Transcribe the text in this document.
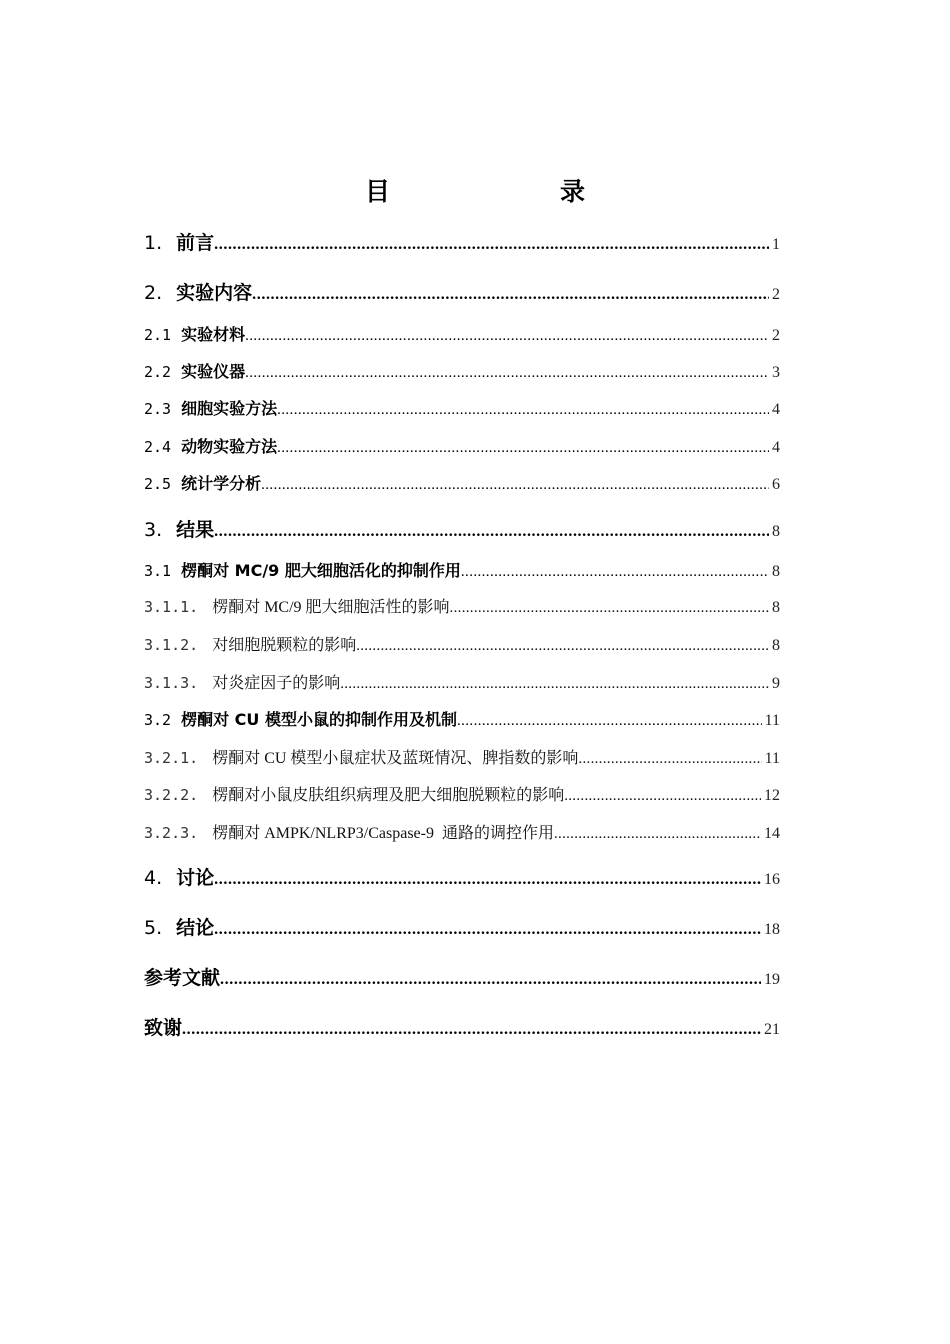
目　　录
1. 前言 .....	1
2. 实验内容 .....	2
2.1 实验材料 .....	2
2.2 实验仪器 .....	3
2.3 细胞实验方法 .....	4
2.4 动物实验方法 .....	4
2.5 统计学分析 .....	6
3. 结果 .....	8
3.1 楞酮对 MC/9 肥大细胞活化的抑制作用 .....	8
3.1.1. 楞酮对 MC/9 肥大细胞活性的影响 .....	8
3.1.2. 对细胞脱颗粒的影响 .....	8
3.1.3. 对炎症因子的影响 .....	9
3.2 楞酮对 CU 模型小鼠的抑制作用及机制 .....	11
3.2.1. 楞酮对 CU 模型小鼠症状及蓝斑情况、脾指数的影响 .....	11
3.2.2. 楞酮对小鼠皮肤组织病理及肥大细胞脱颗粒的影响 .....	12
3.2.3. 楞酮对 AMPK/NLRP3/Caspase-9  通路的调控作用 .....	14
4. 讨论 .....	16
5. 结论 .....	18
参考文献 .....	19
致谢 .....	21
